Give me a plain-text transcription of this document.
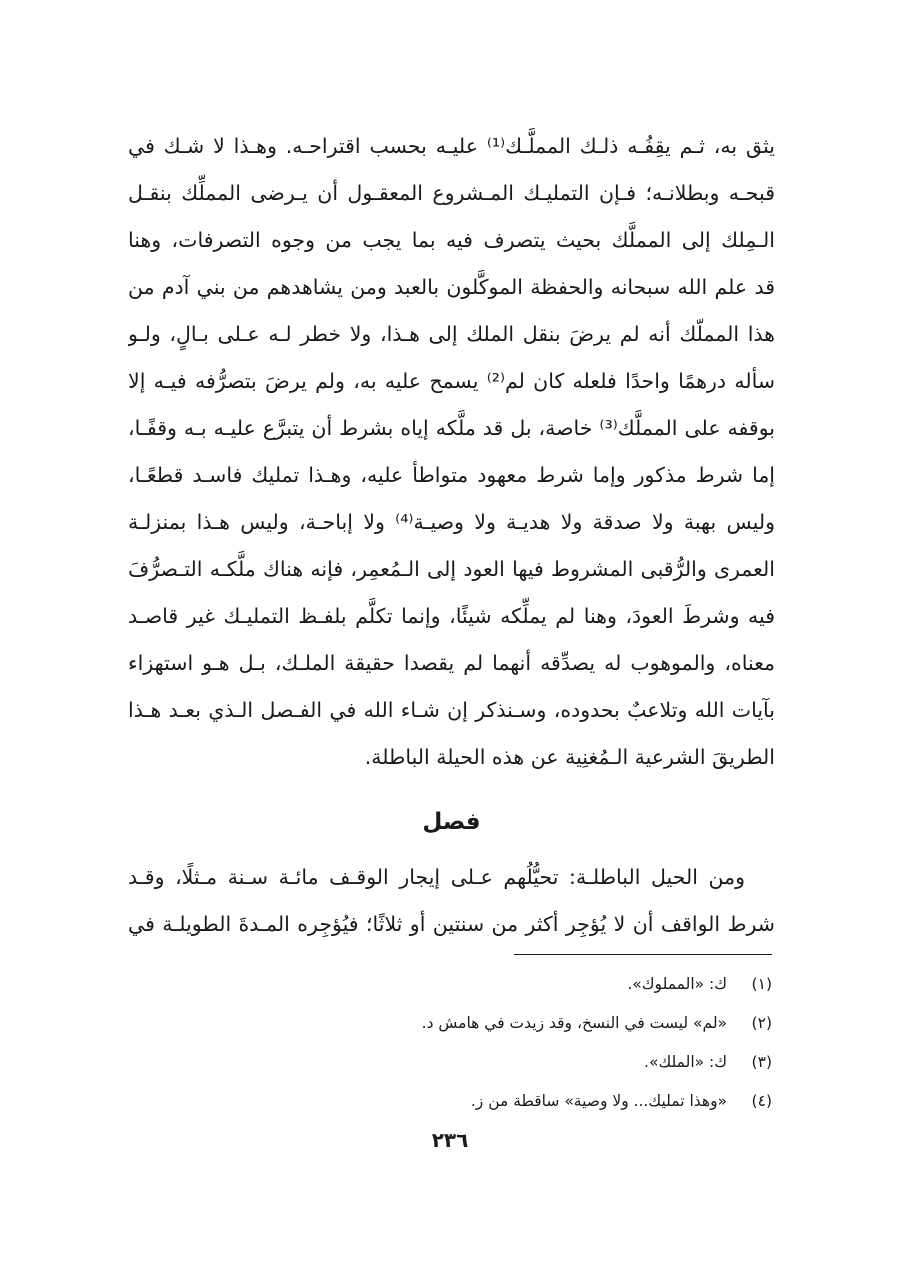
يثق به، ثـم يقِفُـه ذلـك المملَّـك⁽¹⁾ عليـه بحسب اقتراحـه. وهـذا لا شـك في
قبحـه وبطلانـه؛ فـإن التمليـك المـشروع المعقـول أن يـرضى المملِّك بنقـل
الـمِلك إلى المملَّك بحيث يتصرف فيه بما يجب من وجوه التصرفات، وهنا
قد علم الله سبحانه والحفظة الموكَّلون بالعبد ومن يشاهدهم من بني آدم من
هذا المملّك أنه لم يرضَ بنقل الملك إلى هـذا، ولا خطر لـه عـلى بـالٍ، ولـو
سأله درهمًا واحدًا فلعله كان لم⁽²⁾ يسمح عليه به، ولم يرضَ بتصرُّفه فيـه إلا
بوقفه على المملَّك⁽³⁾ خاصة، بل قد ملَّكه إياه بشرط أن يتبرَّع عليـه بـه وقفًـا،
إما شرط مذكور وإما شرط معهود متواطأ عليه، وهـذا تمليك فاسـد قطعًـا،
وليس بهبة ولا صدقة ولا هديـة ولا وصيـة⁽⁴⁾ ولا إباحـة، وليس هـذا بمنزلـة
العمرى والرُّقبى المشروط فيها العود إلى الـمُعمِر، فإنه هناك ملَّكـه التـصرُّفَ
فيه وشرطَ العودَ، وهنا لم يملِّكه شيئًا، وإنما تكلَّم بلفـظ التمليـك غير قاصـد
معناه، والموهوب له يصدِّقه أنهما لم يقصدا حقيقة الملـك، بـل هـو استهزاء
بآيات الله وتلاعبٌ بحدوده، وسـنذكر إن شـاء الله في الفـصل الـذي بعـد هـذا
الطريقَ الشرعية الـمُغنِية عن هذه الحيلة الباطلة.
فصل
ومن الحيل الباطلـة: تحيُّلُهم عـلى إيجار الوقـف مائـة سـنة مـثلًا، وقـد
شرط الواقف أن لا يُؤجِر أكثر من سنتين أو ثلاثًا؛ فيُؤجِره المـدةَ الطويلـة في
(١) ك: «المملوك».
(٢) «لم» ليست في النسخ، وقد زيدت في هامش د.
(٣) ك: «الملك».
(٤) «وهذا تمليك... ولا وصية» ساقطة من ز.
٢٣٦
